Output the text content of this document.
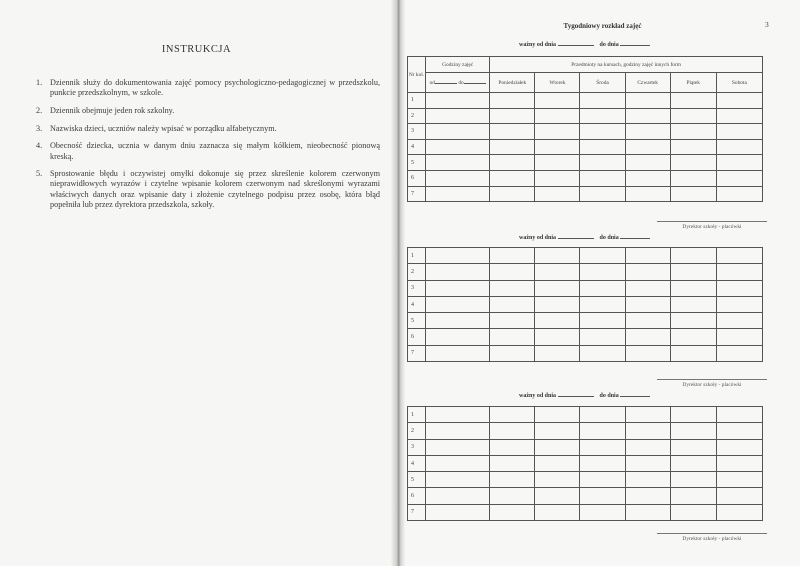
INSTRUKCJA
1. Dziennik służy do dokumentowania zajęć pomocy psychologiczno-pedagogicznej w przedszkolu, punkcie przedszkolnym, w szkole.
2. Dziennik obejmuje jeden rok szkolny.
3. Nazwiska dzieci, uczniów należy wpisać w porządku alfabetycznym.
4. Obecność dziecka, ucznia w danym dniu zaznacza się małym kółkiem, nieobecność pionową kreską.
5. Sprostowanie błędu i oczywistej omyłki dokonuje się przez skreślenie kolorem czerwonym nieprawidłowych wyrazów i czytelne wpisanie kolorem czerwonym nad skreślonymi wyrazami właściwych danych oraz wpisanie daty i złożenie czytelnego podpisu przez osobę, która błąd popełniła lub przez dyrektora przedszkola, szkoły.
3
Tygodniowy rozkład zajęć
ważny od dnia	do dnia
Nr kol.	Godziny zajęć	Przedmioty na kursach, godziny zajęć innych form					
	od do	Poniedziałek	Wtorek	Środa	Czwartek	Piątek	Sobota
1							
2							
3							
4							
5							
6							
7							
Dyrektor szkoły - placówki
ważny od dnia	do dnia
1							
2							
3							
4							
5							
6							
7							
Dyrektor szkoły - placówki
ważny od dnia	do dnia
1							
2							
3							
4							
5							
6							
7							
Dyrektor szkoły - placówki
